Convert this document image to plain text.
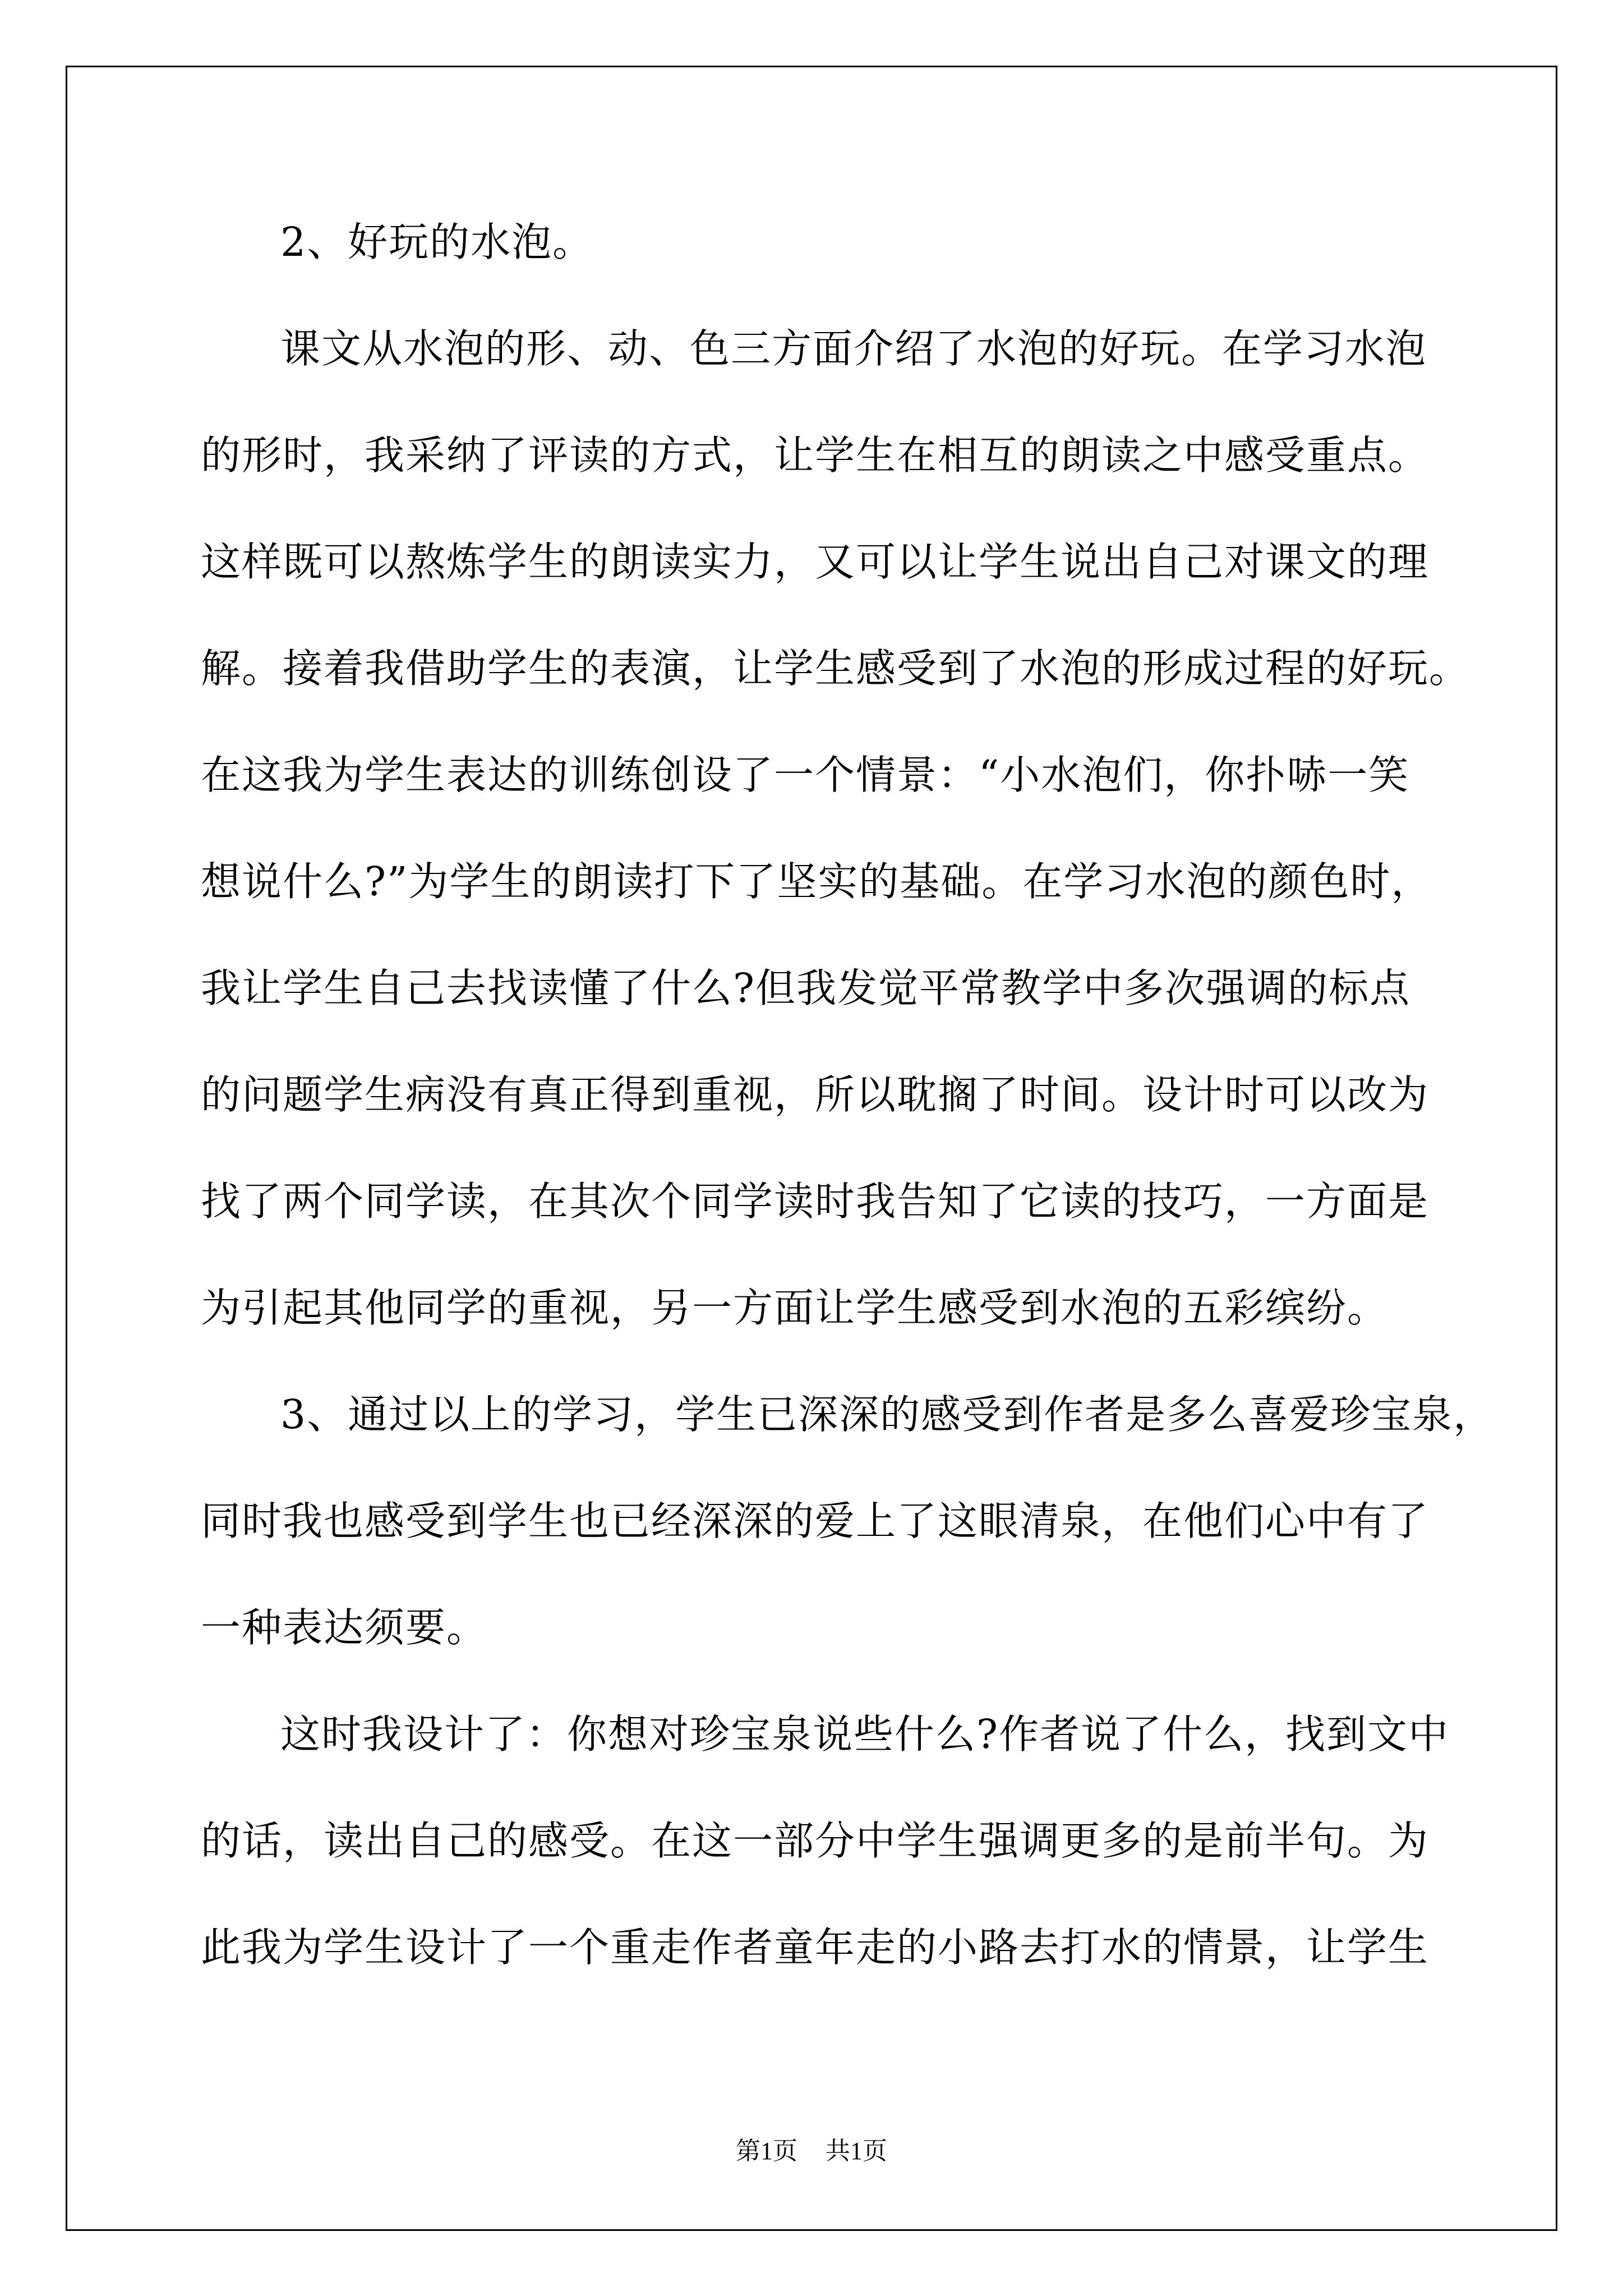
2、好玩的水泡。

课文从水泡的形、动、色三方面介绍了水泡的好玩。在学习水泡

的形时，我采纳了评读的方式，让学生在相互的朗读之中感受重点。

这样既可以熬炼学生的朗读实力，又可以让学生说出自己对课文的理

解。接着我借助学生的表演，让学生感受到了水泡的形成过程的好玩。

在这我为学生表达的训练创设了一个情景：“小水泡们，你扑哧一笑

想说什么?”为学生的朗读打下了坚实的基础。在学习水泡的颜色时，

我让学生自己去找读懂了什么?但我发觉平常教学中多次强调的标点

的问题学生病没有真正得到重视，所以耽搁了时间。设计时可以改为

找了两个同学读，在其次个同学读时我告知了它读的技巧，一方面是

为引起其他同学的重视，另一方面让学生感受到水泡的五彩缤纷。

3、通过以上的学习，学生已深深的感受到作者是多么喜爱珍宝泉，

同时我也感受到学生也已经深深的爱上了这眼清泉，在他们心中有了

一种表达须要。

这时我设计了：你想对珍宝泉说些什么?作者说了什么，找到文中

的话，读出自己的感受。在这一部分中学生强调更多的是前半句。为

此我为学生设计了一个重走作者童年走的小路去打水的情景，让学生

第1页 共1页
